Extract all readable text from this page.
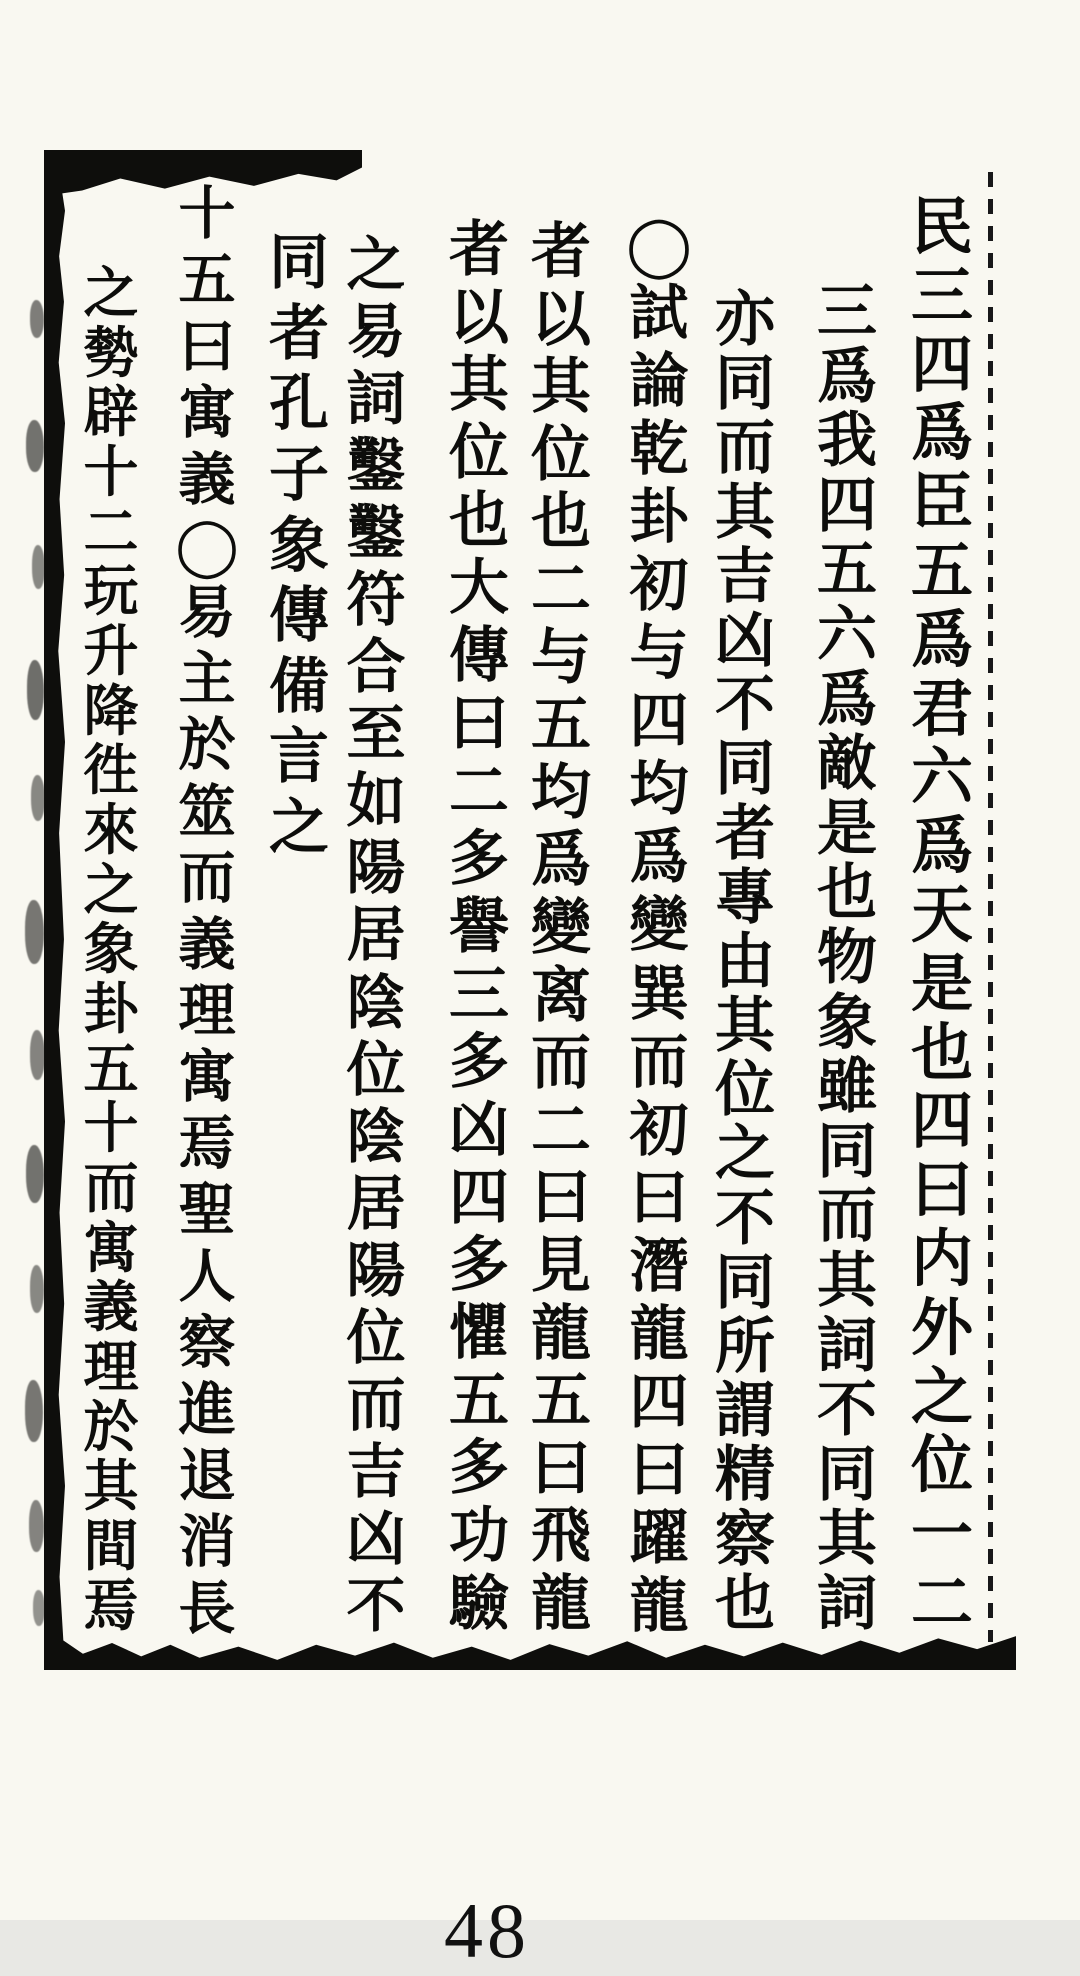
民
三
四
爲
臣
五
爲
君
六
爲
天
是
也
四
曰
内
外
之
位
一
二
三
爲
我
四
五
六
爲
敵
是
也
物
象
雖
同
而
其
詞
不
同
其
詞
亦
同
而
其
吉
凶
不
同
者
專
由
其
位
之
不
同
所
謂
精
察
也
◯
試
論
乾
卦
初
与
四
均
爲
變
巽
而
初
曰
潛
龍
四
曰
躍
龍
者
以
其
位
也
二
与
五
均
爲
變
离
而
二
曰
見
龍
五
曰
飛
龍
者
以
其
位
也
大
傳
曰
二
多
譽
三
多
凶
四
多
懼
五
多
功
驗
之
易
詞
鑿
鑿
符
合
至
如
陽
居
陰
位
陰
居
陽
位
而
吉
凶
不
同
者
孔
子
象
傳
備
言
之
十
五
曰
寓
義
◯
易
主
於
筮
而
義
理
寓
焉
聖
人
察
進
退
消
長
之
勢
辟
十
二
玩
升
降
徃
來
之
象
卦
五
十
而
寓
義
理
於
其
間
焉
48
